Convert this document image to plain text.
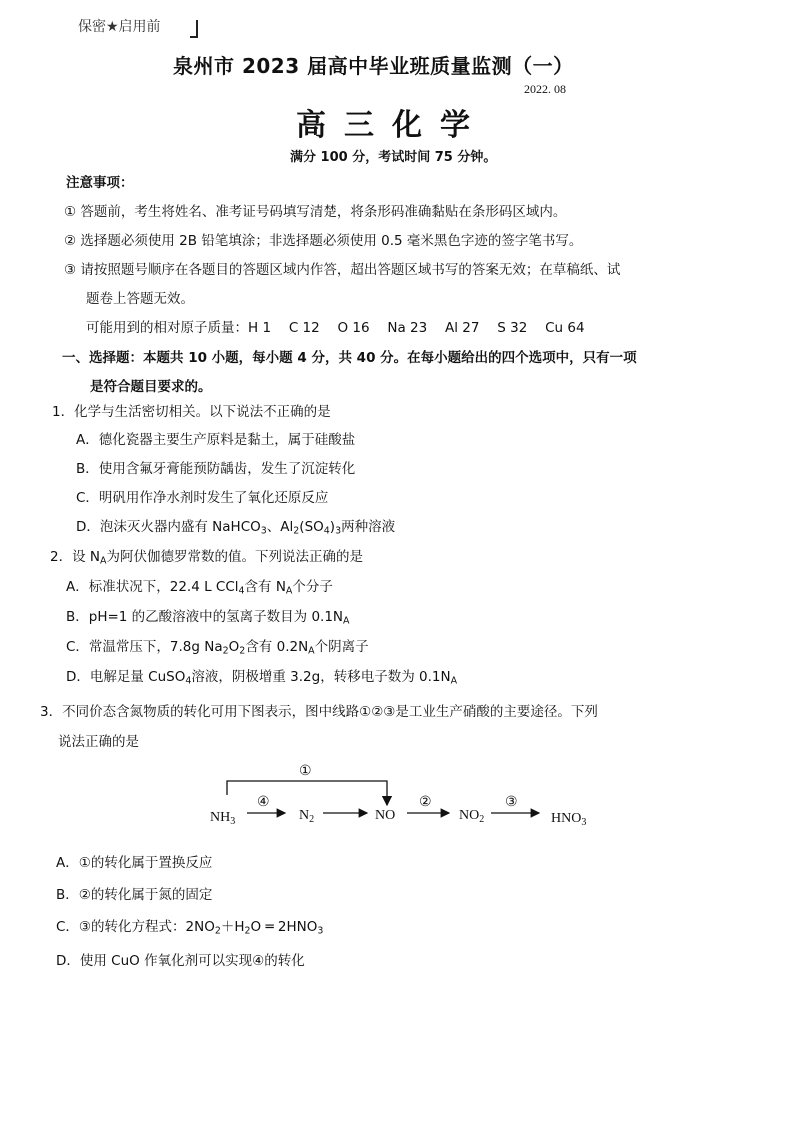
保密★启用前
泉州市 2023 届高中毕业班质量监测（一）
2022. 08
高三化学
满分 100 分，考试时间 75 分钟。
注意事项：
① 答题前，考生将姓名、准考证号码填写清楚，将条形码准确黏贴在条形码区域内。
② 选择题必须使用 2B 铅笔填涂；非选择题必须使用 0.5 毫米黑色字迹的签字笔书写。
③ 请按照题号顺序在各题目的答题区域内作答，超出答题区域书写的答案无效；在草稿纸、试
题卷上答题无效。
可能用到的相对原子质量：H 1　 C 12　 O 16　 Na 23　 Al 27　 S 32　 Cu 64
一、选择题：本题共 10 小题，每小题 4 分，共 40 分。在每小题给出的四个选项中，只有一项
是符合题目要求的。
1．化学与生活密切相关。以下说法不正确的是
A．德化瓷器主要生产原料是黏土，属于硅酸盐
B．使用含氟牙膏能预防龋齿，发生了沉淀转化
C．明矾用作净水剂时发生了氧化还原反应
D．泡沫灭火器内盛有 NaHCO$_3$、$Al_2(SO_4)_3$两种溶液
2．设 $N_A$为阿伏伽德罗常数的值。下列说法正确的是
A．标准状况下，22.4 L CCl$_4$含有 $N_A$个分子
B．pH=1 的乙酸溶液中的氢离子数目为 $0.1N_A$
C．常温常压下，7.8g $Na_2O_2$含有 $0.2N_A$个阴离子
D．电解足量 CuSO$_4$溶液，阴极增重 3.2g，转移电子数为 $0.1N_A$
3．不同价态含氮物质的转化可用下图表示，图中线路①②③是工业生产硝酸的主要途径。下列
说法正确的是
①
$NH_3$
④
$N_2$	NO
②
$NO_2$
③
$HNO_3$
A．①的转化属于置换反应
B．②的转化属于氮的固定
C．③的转化方程式：$2NO_2+H_2O$ ═ $2HNO_3$
D．使用 CuO 作氧化剂可以实现④的转化
